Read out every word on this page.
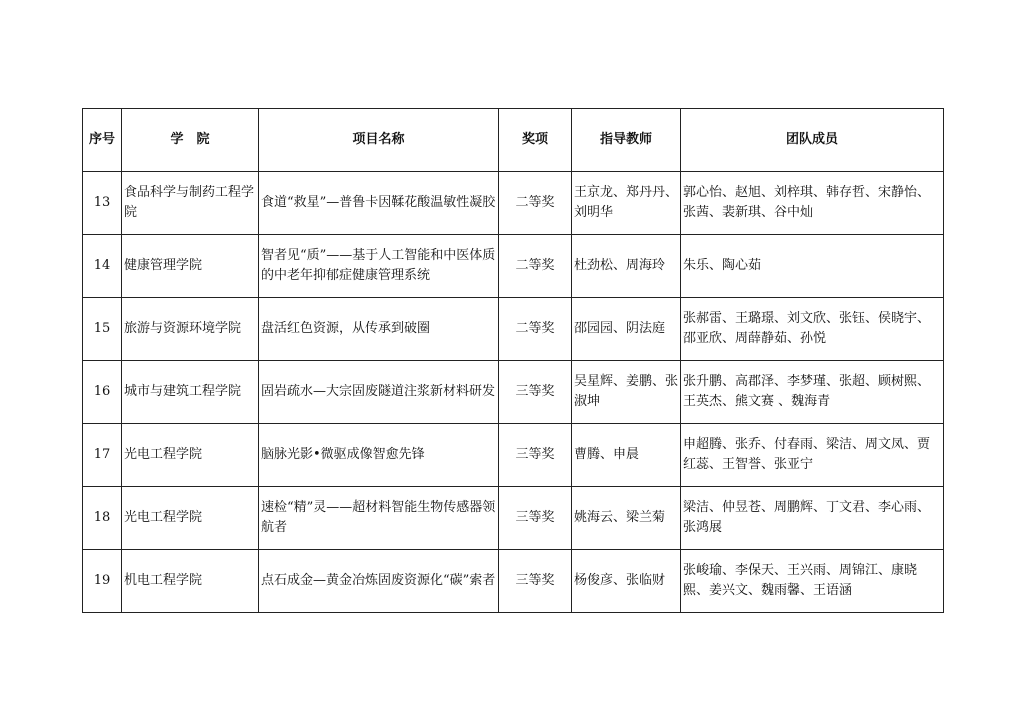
序号	学　院	项目名称	奖项	指导教师	团队成员
13	食品科学与制药工程学院	食道“救星”—普鲁卡因鞣花酸温敏性凝胶	二等奖	王京龙、郑丹丹、刘明华	郭心怡、赵旭、刘梓琪、韩存哲、宋静怡、张茜、裴新琪、谷中灿
14	健康管理学院	智者见“质”——基于人工智能和中医体质的中老年抑郁症健康管理系统	二等奖	杜劲松、周海玲	朱乐、陶心茹
15	旅游与资源环境学院	盘活红色资源，从传承到破圈	二等奖	邵园园、阴法庭	张郝雷、王璐璟、刘文欣、张钰、侯晓宇、邵亚欣、周薛静茹、孙悦
16	城市与建筑工程学院	固岩疏水—大宗固废隧道注浆新材料研发	三等奖	吴星辉、姜鹏、张淑坤	张升鹏、高郡泽、李梦瑾、张超、顾树熙、王英杰、熊文赛 、魏海青
17	光电工程学院	脑脉光影•微驱成像智愈先锋	三等奖	曹腾、申晨	申超腾、张乔、付春雨、梁洁、周文凤、贾红蕊、王智誉、张亚宁
18	光电工程学院	速检“精”灵——超材料智能生物传感器领航者	三等奖	姚海云、梁兰菊	梁洁、仲昱苍、周鹏辉、丁文君、李心雨、张鸿展
19	机电工程学院	点石成金—黄金冶炼固废资源化“碳”索者	三等奖	杨俊彦、张临财	张峻瑜、李保天、王兴雨、周锦江、康晓熙、姜兴文、魏雨馨、王语涵
